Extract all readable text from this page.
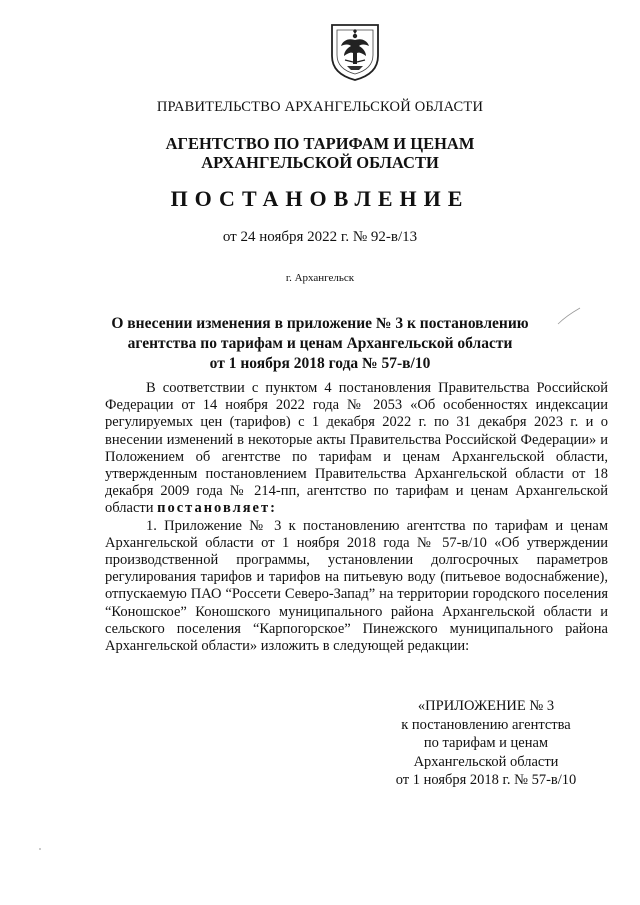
ПРАВИТЕЛЬСТВО АРХАНГЕЛЬСКОЙ ОБЛАСТИ
АГЕНТСТВО ПО ТАРИФАМ И ЦЕНАМ
АРХАНГЕЛЬСКОЙ ОБЛАСТИ
ПОСТАНОВЛЕНИЕ
от 24 ноября 2022 г. № 92-в/13
г. Архангельск
О внесении изменения в приложение № 3 к постановлению
агентства по тарифам и ценам Архангельской области
от 1 ноября 2018 года № 57-в/10

В соответствии с пунктом 4 постановления Правительства Российской Федерации от 14 ноября 2022 года № 2053 «Об особенностях индексации регулируемых цен (тарифов) с 1 декабря 2022 г. по 31 декабря 2023 г. и о внесении изменений в некоторые акты Правительства Российской Федерации» и Положением об агентстве по тарифам и ценам Архангельской области, утвержденным постановлением Правительства Архангельской области от 18 декабря 2009 года № 214-пп, агентство по тарифам и ценам Архангельской области постановляет:

1. Приложение № 3 к постановлению агентства по тарифам и ценам Архангельской области от 1 ноября 2018 года № 57-в/10 «Об утверждении производственной программы, установлении долгосрочных параметров регулирования тарифов и тарифов на питьевую воду (питьевое водоснабжение), отпускаемую ПАО “Россети Северо-Запад” на территории городского поселения “Коношское” Коношского муниципального района Архангельской области и сельского поселения “Карпогорское” Пинежского муниципального района Архангельской области» изложить в следующей редакции:

«ПРИЛОЖЕНИЕ № 3
к постановлению агентства
по тарифам и ценам
Архангельской области
от 1 ноября 2018 г. № 57-в/10
